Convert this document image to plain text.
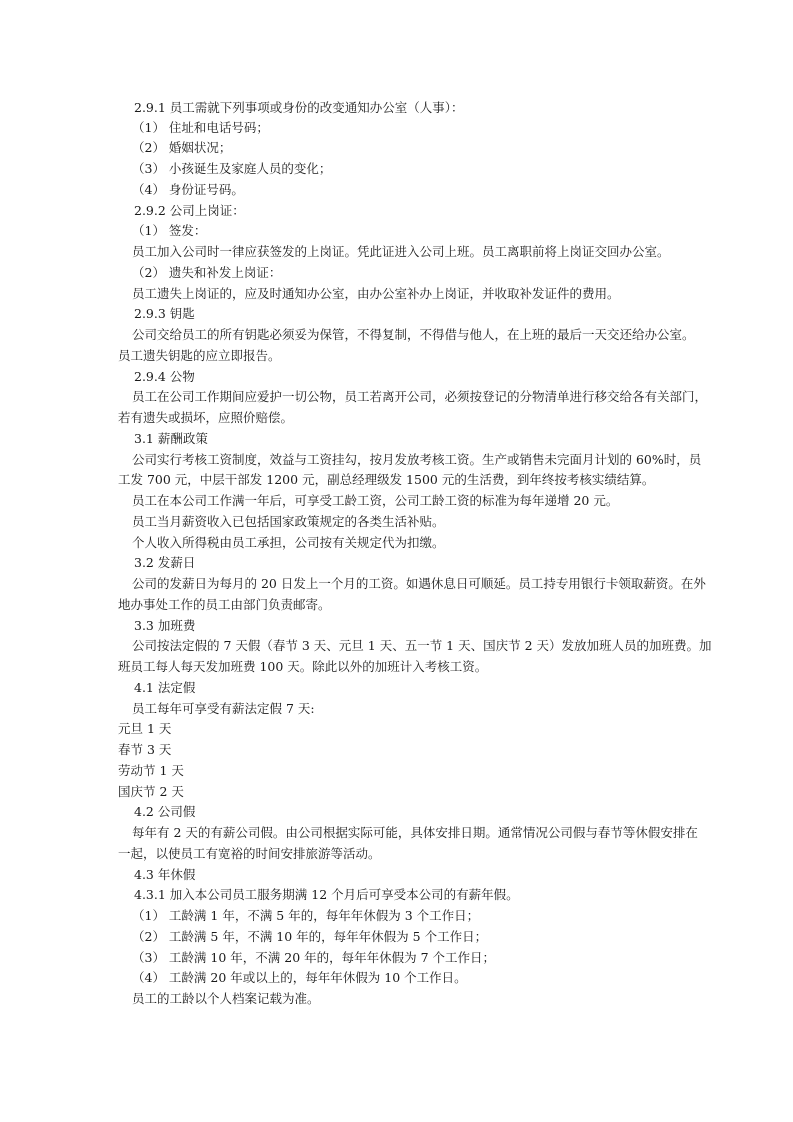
2.9.1 员工需就下列事项或身份的改变通知办公室（人事）：
（1） 住址和电话号码；
（2） 婚姻状况；
（3） 小孩诞生及家庭人员的变化；
（4） 身份证号码。
2.9.2 公司上岗证：
（1） 签发：
员工加入公司时一律应获签发的上岗证。凭此证进入公司上班。员工离职前将上岗证交回办公室。
（2） 遗失和补发上岗证：
员工遗失上岗证的，应及时通知办公室，由办公室补办上岗证，并收取补发证件的费用。
2.9.3 钥匙
公司交给员工的所有钥匙必须妥为保管，不得复制，不得借与他人，在上班的最后一天交还给办公室。
员工遗失钥匙的应立即报告。
2.9.4 公物
员工在公司工作期间应爱护一切公物，员工若离开公司，必须按登记的分物清单进行移交给各有关部门，
若有遗失或损坏，应照价赔偿。
3.1 薪酬政策
公司实行考核工资制度，效益与工资挂勾，按月发放考核工资。生产或销售未完面月计划的 60%时，员
工发 700 元，中层干部发 1200 元，副总经理级发 1500 元的生活费，到年终按考核实绩结算。
员工在本公司工作满一年后，可享受工龄工资，公司工龄工资的标准为每年递增 20 元。
员工当月薪资收入已包括国家政策规定的各类生活补贴。
个人收入所得税由员工承担，公司按有关规定代为扣缴。
3.2 发薪日
公司的发薪日为每月的 20 日发上一个月的工资。如遇休息日可顺延。员工持专用银行卡领取薪资。在外
地办事处工作的员工由部门负责邮寄。
3.3 加班费
公司按法定假的 7 天假（春节 3 天、元旦 1 天、五一节 1 天、国庆节 2 天）发放加班人员的加班费。加
班员工每人每天发加班费 100 天。除此以外的加班计入考核工资。
4.1 法定假
员工每年可享受有薪法定假 7 天:
元旦 1 天
春节 3 天
劳动节 1 天
国庆节 2 天
4.2 公司假
每年有 2 天的有薪公司假。由公司根据实际可能，具体安排日期。通常情况公司假与春节等休假安排在
一起，以使员工有宽裕的时间安排旅游等活动。
4.3 年休假
4.3.1 加入本公司员工服务期满 12 个月后可享受本公司的有薪年假。
（1） 工龄满 1 年，不满 5 年的，每年年休假为 3 个工作日；
（2） 工龄满 5 年，不满 10 年的，每年年休假为 5 个工作日；
（3） 工龄满 10 年，不满 20 年的，每年年休假为 7 个工作日；
（4） 工龄满 20 年或以上的，每年年休假为 10 个工作日。
员工的工龄以个人档案记载为准。
